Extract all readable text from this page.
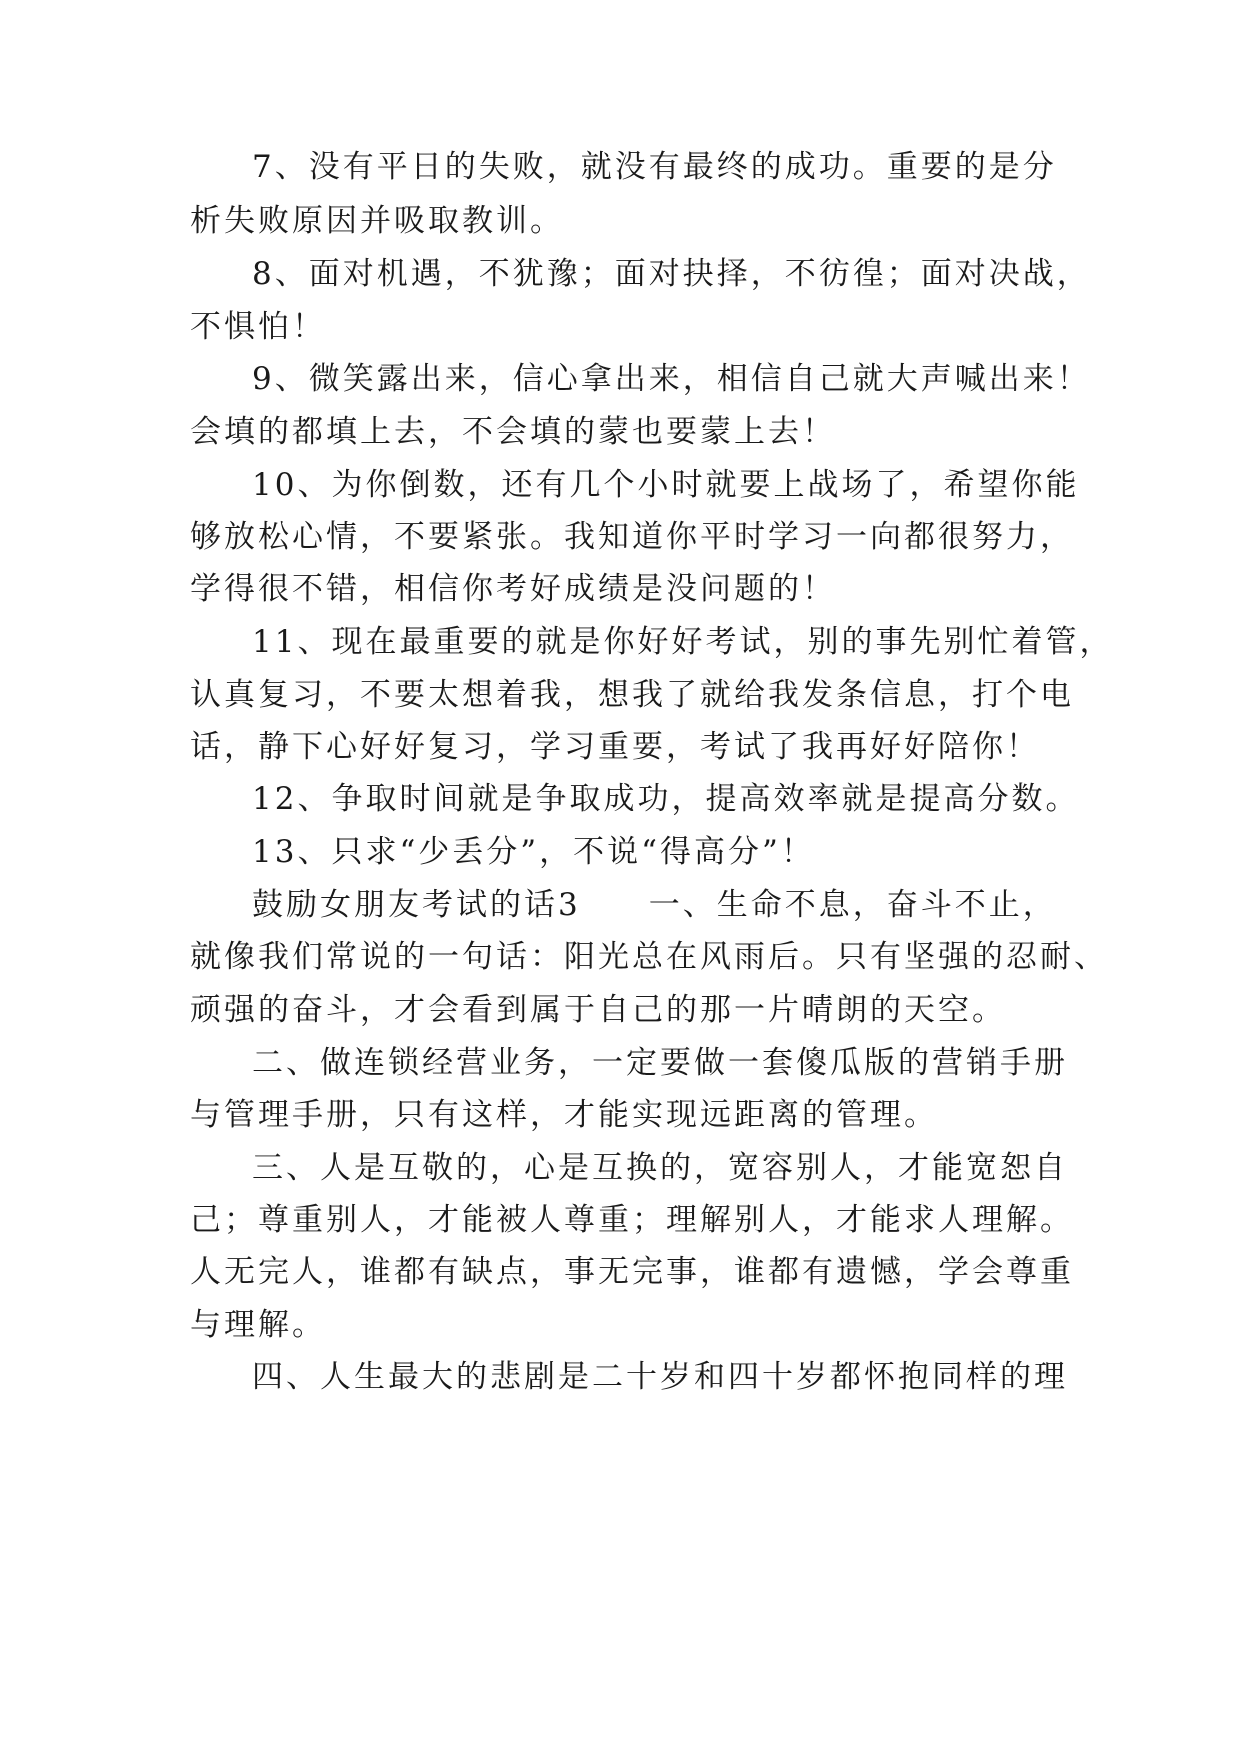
7、没有平日的失败，就没有最终的成功。重要的是分
析失败原因并吸取教训。
8、面对机遇，不犹豫；面对抉择，不彷徨；面对决战，
不惧怕！
9、微笑露出来，信心拿出来，相信自己就大声喊出来！
会填的都填上去，不会填的蒙也要蒙上去！
10、为你倒数，还有几个小时就要上战场了，希望你能
够放松心情，不要紧张。我知道你平时学习一向都很努力，
学得很不错，相信你考好成绩是没问题的！
11、现在最重要的就是你好好考试，别的事先别忙着管，
认真复习，不要太想着我，想我了就给我发条信息，打个电
话，静下心好好复习，学习重要，考试了我再好好陪你！
12、争取时间就是争取成功，提高效率就是提高分数。
13、只求“少丢分”，不说“得高分”！
鼓励女朋友考试的话3　　一、生命不息，奋斗不止，
就像我们常说的一句话：阳光总在风雨后。只有坚强的忍耐、
顽强的奋斗，才会看到属于自己的那一片晴朗的天空。
二、做连锁经营业务，一定要做一套傻瓜版的营销手册
与管理手册，只有这样，才能实现远距离的管理。
三、人是互敬的，心是互换的，宽容别人，才能宽恕自
己；尊重别人，才能被人尊重；理解别人，才能求人理解。
人无完人，谁都有缺点，事无完事，谁都有遗憾，学会尊重
与理解。
四、人生最大的悲剧是二十岁和四十岁都怀抱同样的理
